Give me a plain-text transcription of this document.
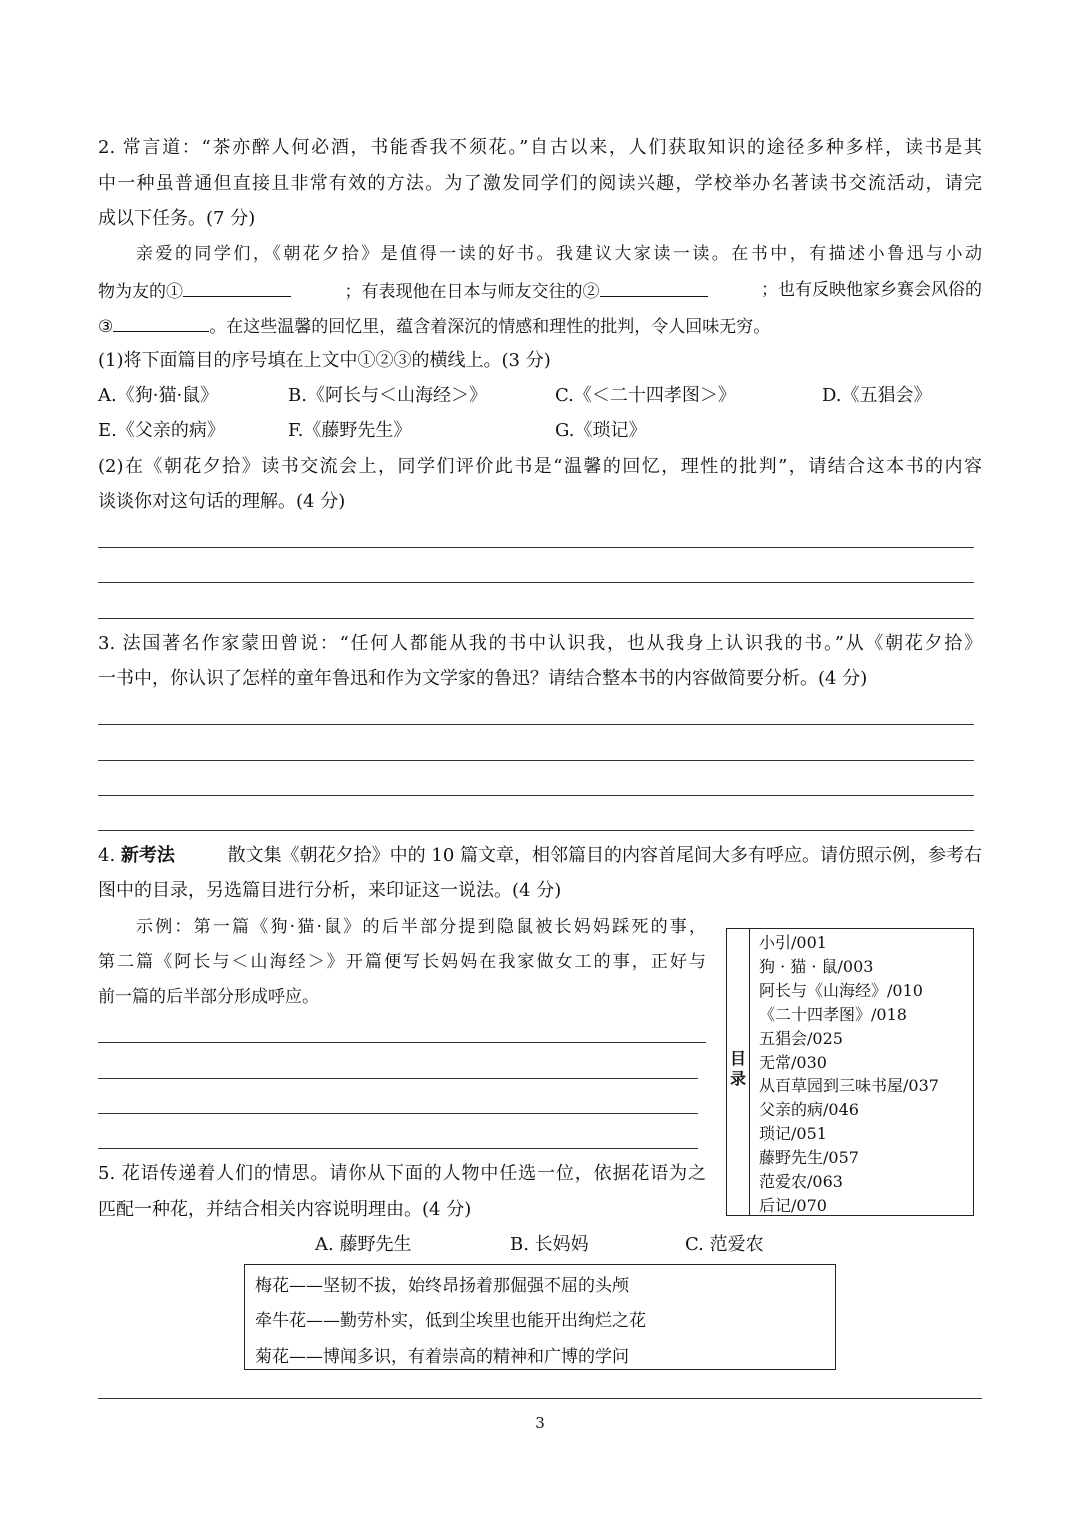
2. 常言道：“茶亦醉人何必酒，书能香我不须花。”自古以来，人们获取知识的途径多种多样，读书是其
中一种虽普通但直接且非常有效的方法。为了激发同学们的阅读兴趣，学校举办名著读书交流活动，请完
成以下任务。(7 分)
亲爱的同学们，《朝花夕拾》是值得一读的好书。我建议大家读一读。在书中，有描述小鲁迅与小动
物为友的①	；有表现他在日本与师友交往的②	；也有反映他家乡赛会风俗的
③	。在这些温馨的回忆里，蕴含着深沉的情感和理性的批判，令人回味无穷。
(1)将下面篇目的序号填在上文中①②③的横线上。(3 分)
A.《狗·猫·鼠》	B.《阿长与＜山海经＞》	C.《＜二十四孝图＞》	D.《五猖会》
E.《父亲的病》	F.《藤野先生》	G.《琐记》
(2)在《朝花夕拾》读书交流会上，同学们评价此书是“温馨的回忆，理性的批判”，请结合这本书的内容
谈谈你对这句话的理解。(4 分)
3. 法国著名作家蒙田曾说：“任何人都能从我的书中认识我，也从我身上认识我的书。”从《朝花夕拾》
一书中，你认识了怎样的童年鲁迅和作为文学家的鲁迅？请结合整本书的内容做简要分析。(4 分)
4. 新考法	散文集《朝花夕拾》中的 10 篇文章，相邻篇目的内容首尾间大多有呼应。请仿照示例，参考右
图中的目录，另选篇目进行分析，来印证这一说法。(4 分)
示例：第一篇《狗·猫·鼠》的后半部分提到隐鼠被长妈妈踩死的事，
第二篇《阿长与＜山海经＞》开篇便写长妈妈在我家做女工的事，正好与
前一篇的后半部分形成呼应。
目录
小引/001
狗 · 猫 · 鼠/003
阿长与《山海经》/010
《二十四孝图》/018
五猖会/025
无常/030
从百草园到三味书屋/037
父亲的病/046
琐记/051
藤野先生/057
范爱农/063
后记/070
5. 花语传递着人们的情思。请你从下面的人物中任选一位，依据花语为之
匹配一种花，并结合相关内容说明理由。(4 分)
A. 藤野先生	B. 长妈妈	C. 范爱农
梅花——坚韧不拔，始终昂扬着那倔强不屈的头颅
牵牛花——勤劳朴实，低到尘埃里也能开出绚烂之花
菊花——博闻多识，有着崇高的精神和广博的学问
3
